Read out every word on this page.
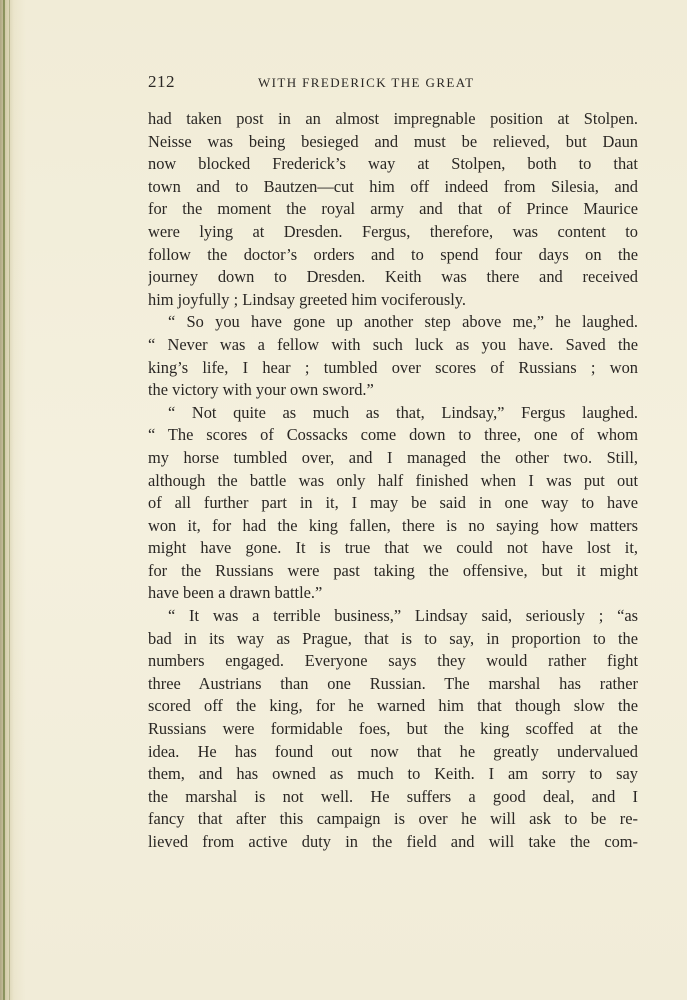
212	WITH FREDERICK THE GREAT
had taken post in an almost impregnable position at Stolpen.
Neisse was being besieged and must be relieved, but Daun
now blocked Frederick’s way at Stolpen, both to that
town and to Bautzen—cut him off indeed from Silesia, and
for the moment the royal army and that of Prince Maurice
were lying at Dresden. Fergus, therefore, was content to
follow the doctor’s orders and to spend four days on the
journey down to Dresden. Keith was there and received
him joyfully ; Lindsay greeted him vociferously.
“ So you have gone up another step above me,” he laughed.
“ Never was a fellow with such luck as you have. Saved the
king’s life, I hear ; tumbled over scores of Russians ; won
the victory with your own sword.”
“ Not quite as much as that, Lindsay,” Fergus laughed.
“ The scores of Cossacks come down to three, one of whom
my horse tumbled over, and I managed the other two. Still,
although the battle was only half finished when I was put out
of all further part in it, I may be said in one way to have
won it, for had the king fallen, there is no saying how matters
might have gone. It is true that we could not have lost it,
for the Russians were past taking the offensive, but it might
have been a drawn battle.”
“ It was a terrible business,” Lindsay said, seriously ; “as
bad in its way as Prague, that is to say, in proportion to the
numbers engaged. Everyone says they would rather fight
three Austrians than one Russian. The marshal has rather
scored off the king, for he warned him that though slow the
Russians were formidable foes, but the king scoffed at the
idea. He has found out now that he greatly undervalued
them, and has owned as much to Keith. I am sorry to say
the marshal is not well. He suffers a good deal, and I
fancy that after this campaign is over he will ask to be re-
lieved from active duty in the field and will take the com-
